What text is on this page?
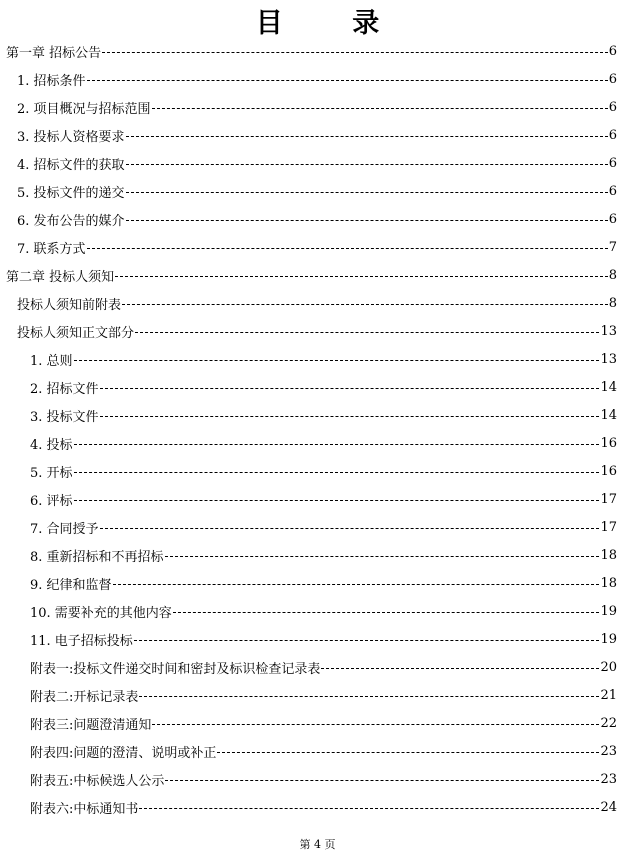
目 录
第一章 招标公告	6
1. 招标条件	6
2. 项目概况与招标范围	6
3. 投标人资格要求	6
4. 招标文件的获取	6
5. 投标文件的递交	6
6. 发布公告的媒介	6
7. 联系方式	7
第二章 投标人须知	8
投标人须知前附表	8
投标人须知正文部分	13
1. 总则	13
2. 招标文件	14
3. 投标文件	14
4. 投标	16
5. 开标	16
6. 评标	17
7. 合同授予	17
8. 重新招标和不再招标	18
9. 纪律和监督	18
10. 需要补充的其他内容	19
11. 电子招标投标	19
附表一:投标文件递交时间和密封及标识检查记录表	20
附表二:开标记录表	21
附表三:问题澄清通知	22
附表四:问题的澄清、说明或补正	23
附表五:中标候选人公示	23
附表六:中标通知书	24
第 4 页
